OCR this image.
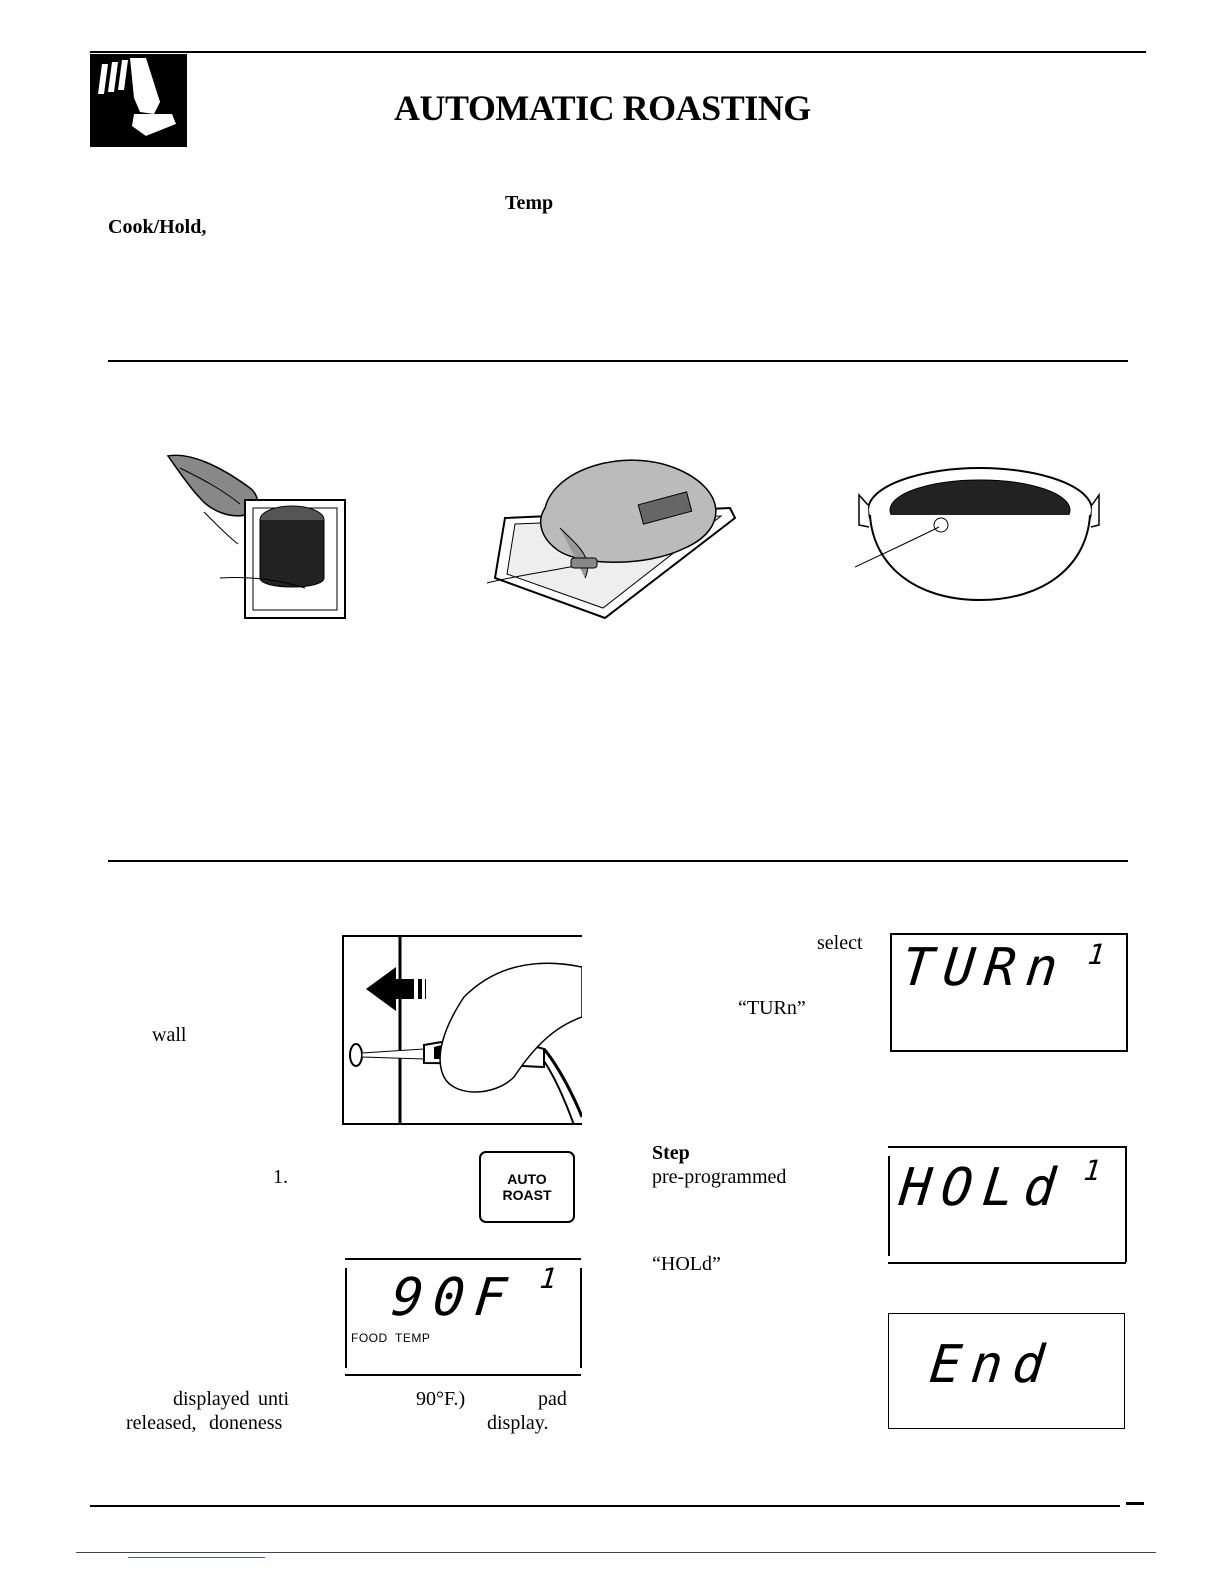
AUTOMATIC ROASTING
Temp
Cook/Hold,
wall
1.	AUTO
ROAST
90F 1
FOOD TEMP
displayed unti	90°F.)	pad
released, doneness	display.
select
“TURn”
Step
pre-programmed
“HOLd”
TURn 1
HOLd 1
End
